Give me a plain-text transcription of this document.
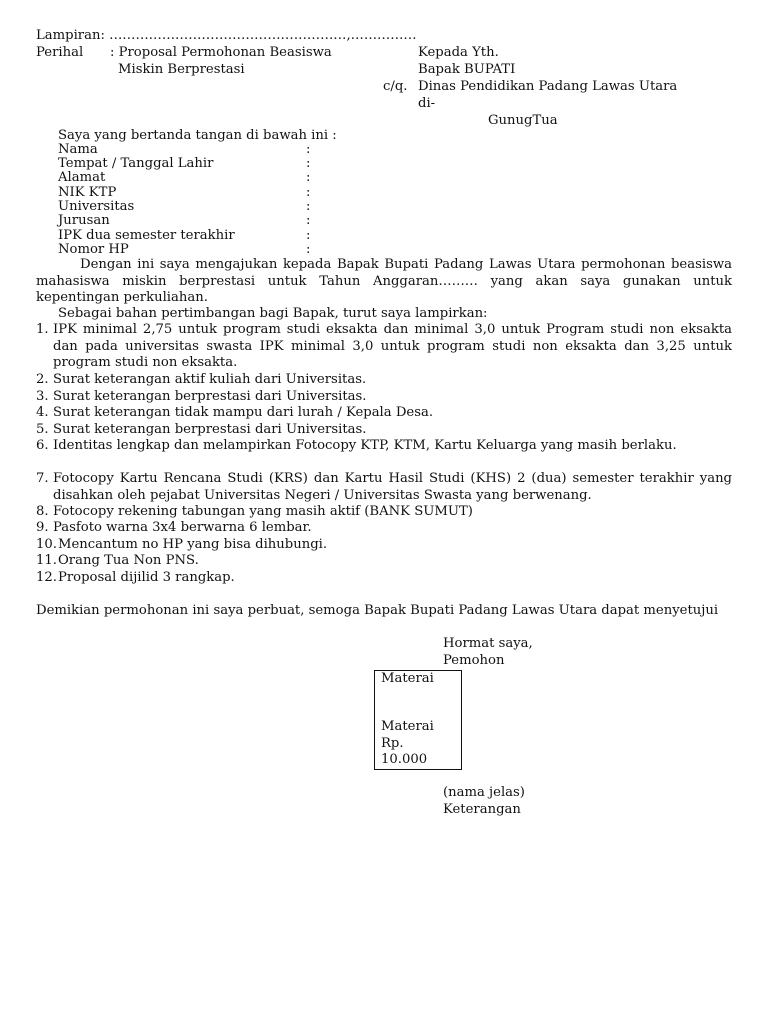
Lampiran: ………………………………………………,……………
Perihal : Proposal Permohonan Beasiswa
Miskin Berprestasi
Kepada Yth.
Bapak BUPATI
c/q. Dinas Pendidikan Padang Lawas Utara
di-
GunugTua
Saya yang bertanda tangan di bawah ini :
Nama	:
Tempat / Tanggal Lahir	:
Alamat	:
NIK KTP	:
Universitas	:
Jurusan	:
IPK dua semester terakhir	:
Nomor HP	:
Dengan ini saya mengajukan kepada Bapak Bupati Padang Lawas Utara permohonan beasiswa mahasiswa miskin berprestasi untuk Tahun Anggaran……… yang akan saya gunakan untuk kepentingan perkuliahan.
Sebagai bahan pertimbangan bagi Bapak, turut saya lampirkan:
1. IPK minimal 2,75 untuk program studi eksakta dan minimal 3,0 untuk Program studi non eksakta dan pada universitas swasta IPK minimal 3,0 untuk program studi non eksakta dan 3,25 untuk program studi non eksakta.
2. Surat keterangan aktif kuliah dari Universitas.
3. Surat keterangan berprestasi dari Universitas.
4. Surat keterangan tidak mampu dari lurah / Kepala Desa.
5. Surat keterangan berprestasi dari Universitas.
6. Identitas lengkap dan melampirkan Fotocopy KTP, KTM, Kartu Keluarga yang masih berlaku.
7. Fotocopy Kartu Rencana Studi (KRS) dan Kartu Hasil Studi (KHS) 2 (dua) semester terakhir yang disahkan oleh pejabat Universitas Negeri / Universitas Swasta yang berwenang.
8. Fotocopy rekening tabungan yang masih aktif (BANK SUMUT)
9. Pasfoto warna 3x4 berwarna 6 lembar.
10. Mencantum no HP yang bisa dihubungi.
11. Orang Tua Non PNS.
12. Proposal dijilid 3 rangkap.
Demikian permohonan ini saya perbuat, semoga Bapak Bupati Padang Lawas Utara dapat menyetujui
Hormat saya,
Pemohon
Materai
Materai
Rp.
10.000
(nama jelas)
Keterangan
